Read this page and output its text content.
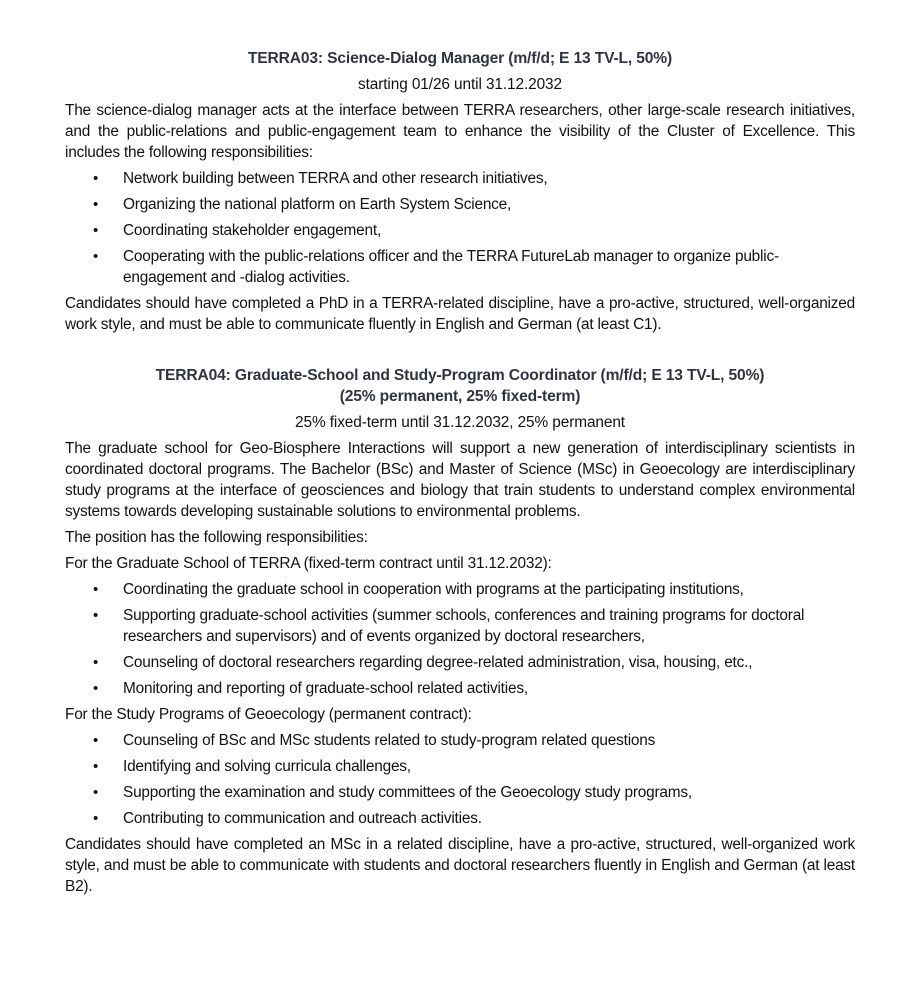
TERRA03: Science-Dialog Manager (m/f/d; E 13 TV-L, 50%)

starting 01/26 until 31.12.2032

The science-dialog manager acts at the interface between TERRA researchers, other large-scale research initiatives, and the public-relations and public-engagement team to enhance the visibility of the Cluster of Excellence. This includes the following responsibilities:

• Network building between TERRA and other research initiatives,
• Organizing the national platform on Earth System Science,
• Coordinating stakeholder engagement,
• Cooperating with the public-relations officer and the TERRA FutureLab manager to organize public-engagement and -dialog activities.

Candidates should have completed a PhD in a TERRA-related discipline, have a pro-active, structured, well-organized work style, and must be able to communicate fluently in English and German (at least C1).

TERRA04: Graduate-School and Study-Program Coordinator (m/f/d; E 13 TV-L, 50%)
(25% permanent, 25% fixed-term)

25% fixed-term until 31.12.2032, 25% permanent

The graduate school for Geo-Biosphere Interactions will support a new generation of interdisciplinary scientists in coordinated doctoral programs. The Bachelor (BSc) and Master of Science (MSc) in Geoecology are interdisciplinary study programs at the interface of geosciences and biology that train students to understand complex environmental systems towards developing sustainable solutions to environmental problems.

The position has the following responsibilities:

For the Graduate School of TERRA (fixed-term contract until 31.12.2032):

• Coordinating the graduate school in cooperation with programs at the participating institutions,
• Supporting graduate-school activities (summer schools, conferences and training programs for doctoral researchers and supervisors) and of events organized by doctoral researchers,
• Counseling of doctoral researchers regarding degree-related administration, visa, housing, etc.,
• Monitoring and reporting of graduate-school related activities,

For the Study Programs of Geoecology (permanent contract):

• Counseling of BSc and MSc students related to study-program related questions
• Identifying and solving curricula challenges,
• Supporting the examination and study committees of the Geoecology study programs,
• Contributing to communication and outreach activities.

Candidates should have completed an MSc in a related discipline, have a pro-active, structured, well-organized work style, and must be able to communicate with students and doctoral researchers fluently in English and German (at least B2).
